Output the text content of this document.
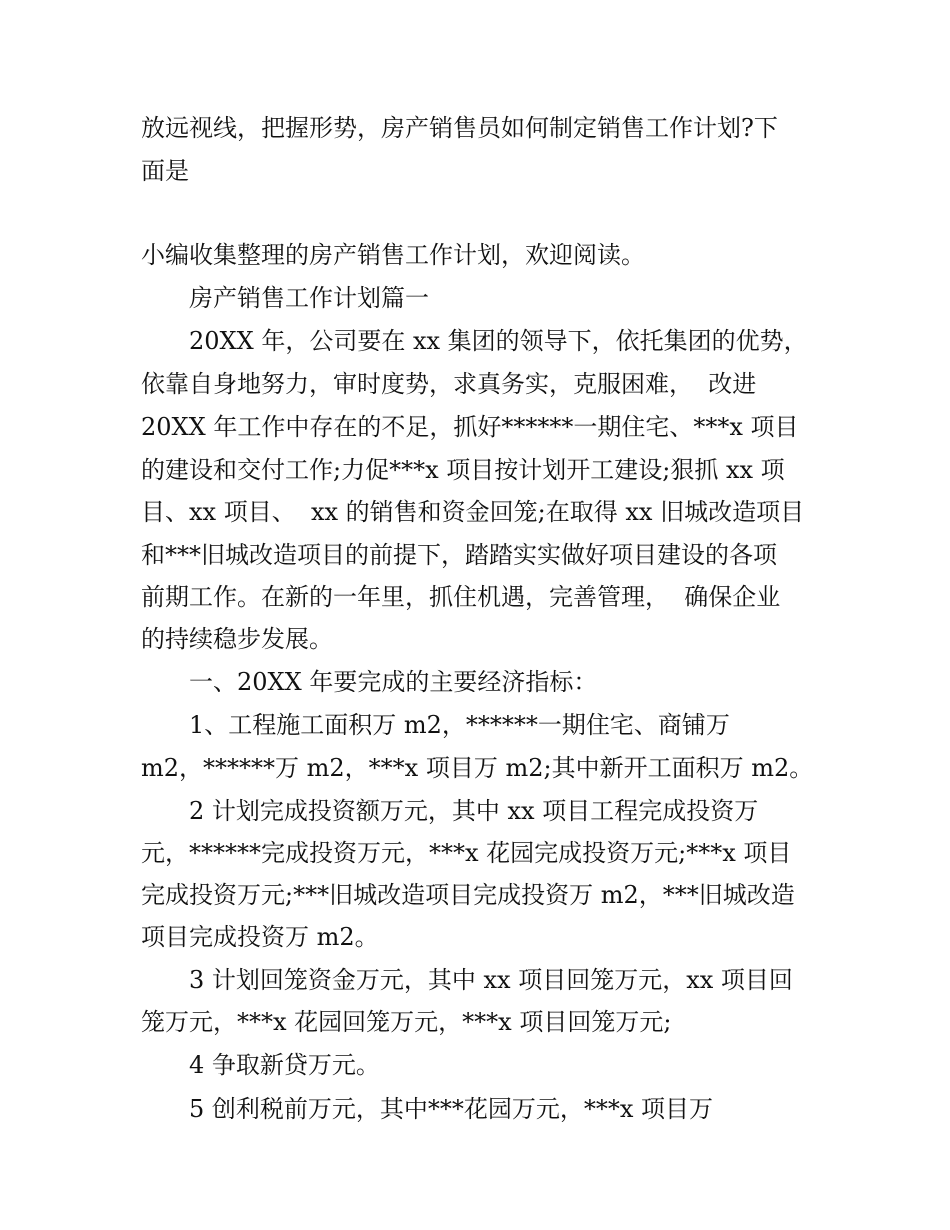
放远视线，把握形势，房产销售员如何制定销售工作计划?下
面是
小编收集整理的房产销售工作计划，欢迎阅读。
房产销售工作计划篇一
20XX 年，公司要在 xx 集团的领导下，依托集团的优势，
依靠自身地努力，审时度势，求真务实，克服困难，  改进
20XX 年工作中存在的不足，抓好******一期住宅、***x 项目
的建设和交付工作;力促***x 项目按计划开工建设;狠抓 xx 项
目、xx 项目、  xx 的销售和资金回笼;在取得 xx 旧城改造项目
和***旧城改造项目的前提下，踏踏实实做好项目建设的各项
前期工作。在新的一年里，抓住机遇，完善管理，  确保企业
的持续稳步发展。
一、20XX 年要完成的主要经济指标：
1、工程施工面积万 m2，******一期住宅、商铺万
m2，******万 m2，***x 项目万 m2;其中新开工面积万 m2。
2 计划完成投资额万元，其中 xx 项目工程完成投资万
元，******完成投资万元，***x 花园完成投资万元;***x 项目
完成投资万元;***旧城改造项目完成投资万 m2，***旧城改造
项目完成投资万 m2。
3 计划回笼资金万元，其中 xx 项目回笼万元，xx 项目回
笼万元，***x 花园回笼万元，***x 项目回笼万元;
4 争取新贷万元。
5 创利税前万元，其中***花园万元，***x 项目万
